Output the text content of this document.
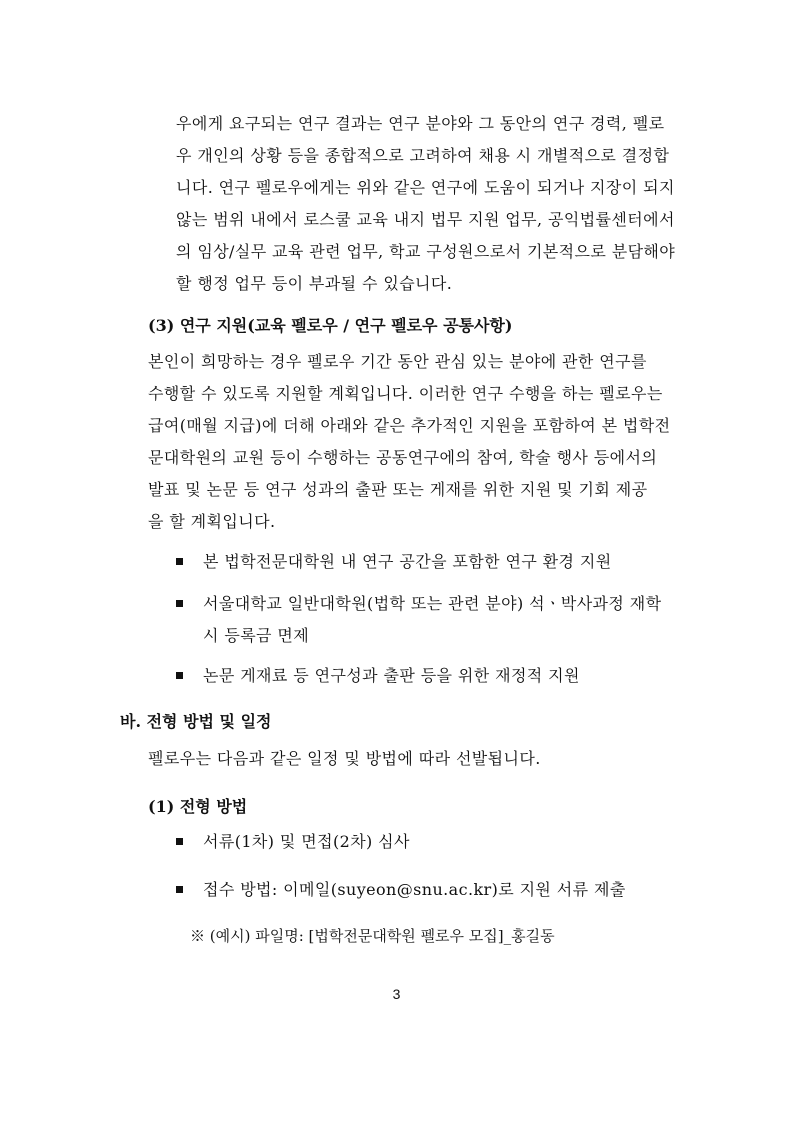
우에게 요구되는 연구 결과는 연구 분야와 그 동안의 연구 경력, 펠로
우 개인의 상황 등을 종합적으로 고려하여 채용 시 개별적으로 결정합
니다. 연구 펠로우에게는 위와 같은 연구에 도움이 되거나 지장이 되지
않는 범위 내에서 로스쿨 교육 내지 법무 지원 업무, 공익법률센터에서
의 임상/실무 교육 관련 업무, 학교 구성원으로서 기본적으로 분담해야
할 행정 업무 등이 부과될 수 있습니다.
(3) 연구 지원(교육 펠로우 / 연구 펠로우 공통사항)
본인이 희망하는 경우 펠로우 기간 동안 관심 있는 분야에 관한 연구를
수행할 수 있도록 지원할 계획입니다. 이러한 연구 수행을 하는 펠로우는
급여(매월 지급)에 더해 아래와 같은 추가적인 지원을 포함하여 본 법학전
문대학원의 교원 등이 수행하는 공동연구에의 참여, 학술 행사 등에서의
발표 및 논문 등 연구 성과의 출판 또는 게재를 위한 지원 및 기회 제공
을 할 계획입니다.
본 법학전문대학원 내 연구 공간을 포함한 연구 환경 지원
서울대학교 일반대학원(법학 또는 관련 분야) 석ㆍ박사과정 재학
시 등록금 면제
논문 게재료 등 연구성과 출판 등을 위한 재정적 지원
바. 전형 방법 및 일정
펠로우는 다음과 같은 일정 및 방법에 따라 선발됩니다.
(1) 전형 방법
서류(1차) 및 면접(2차) 심사
접수 방법: 이메일(suyeon@snu.ac.kr)로 지원 서류 제출
※ (예시) 파일명: [법학전문대학원 펠로우 모집]_홍길동
3
